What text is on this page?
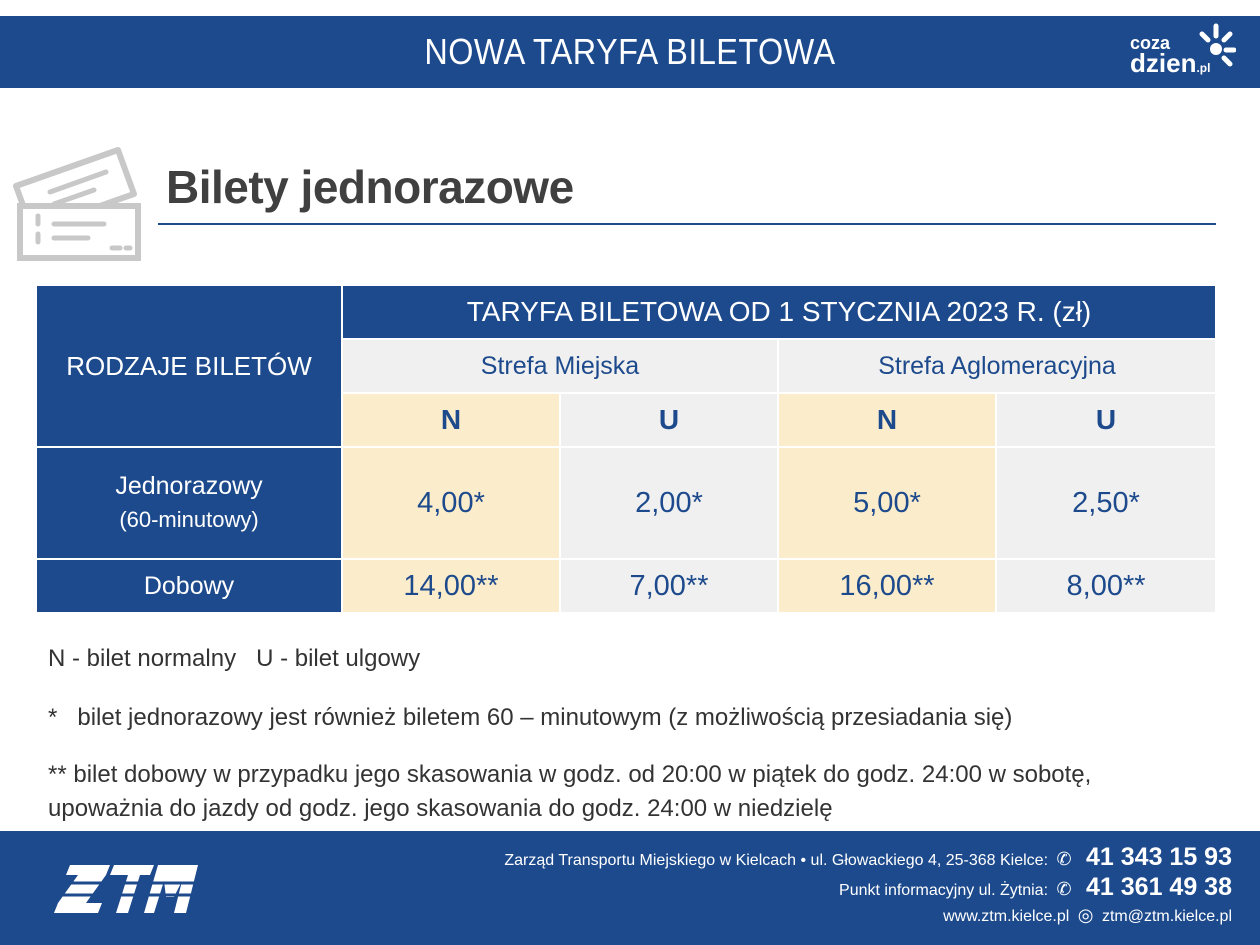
NOWA TARYFA BILETOWA	coza
dzien.pl
Bilety jednorazowe
RODZAJE BILETÓW	TARYFA BILETOWA OD 1 STYCZNIA 2023 R. (zł)			
	Strefa Miejska		Strefa Aglomeracyjna	
	N	U	N	U

Jednorazowy
(60-minutowy)	4,00*	2,00*	5,00*	2,50*
Dobowy	14,00**	7,00**	16,00**	8,00**
N - bilet normalny   U - bilet ulgowy
*   bilet jednorazowy jest również biletem 60 – minutowym (z możliwością przesiadania się)
** bilet dobowy w przypadku jego skasowania w godz. od 20:00 w piątek do godz. 24:00 w sobotę,
upoważnia do jazdy od godz. jego skasowania do godz. 24:00 w niedzielę
Zarząd Transportu Miejskiego w Kielcach • ul. Głowackiego 4, 25-368 Kielce: ✆ 41 343 15 93
Punkt informacyjny ul. Żytnia: ✆ 41 361 49 38
www.ztm.kielce.pl ◎ ztm@ztm.kielce.pl
